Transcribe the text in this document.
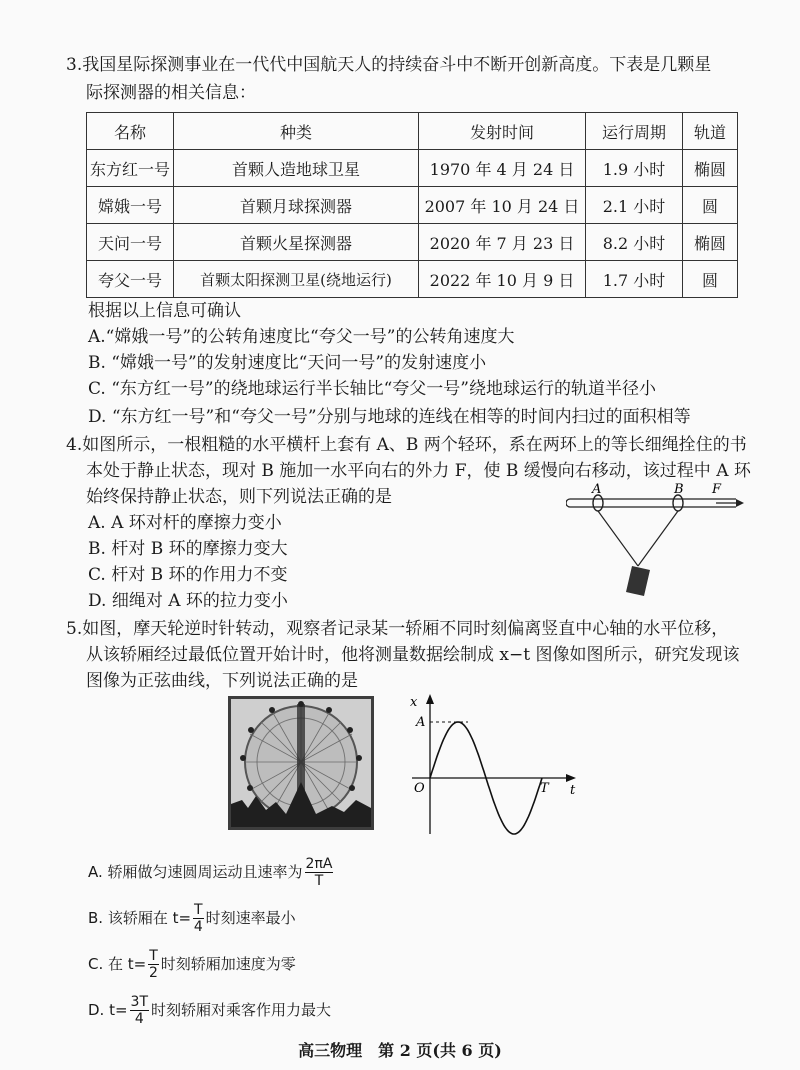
3.我国星际探测事业在一代代中国航天人的持续奋斗中不断开创新高度。下表是几颗星
际探测器的相关信息：
名称	种类	发射时间	运行周期	轨道
东方红一号	首颗人造地球卫星	1970 年 4 月 24 日	1.9 小时	椭圆
嫦娥一号	首颗月球探测器	2007 年 10 月 24 日	2.1 小时	圆
天问一号	首颗火星探测器	2020 年 7 月 23 日	8.2 小时	椭圆
夸父一号	首颗太阳探测卫星(绕地运行)	2022 年 10 月 9 日	1.7 小时	圆
根据以上信息可确认
A.“嫦娥一号”的公转角速度比“夸父一号”的公转角速度大
B. “嫦娥一号”的发射速度比“天问一号”的发射速度小
C. “东方红一号”的绕地球运行半长轴比“夸父一号”绕地球运行的轨道半径小
D. “东方红一号”和“夸父一号”分别与地球的连线在相等的时间内扫过的面积相等
4.如图所示，一根粗糙的水平横杆上套有 A、B 两个轻环，系在两环上的等长细绳拴住的书
本处于静止状态，现对 B 施加一水平向右的外力 F，使 B 缓慢向右移动，该过程中 A 环
始终保持静止状态，则下列说法正确的是
A. A 环对杆的摩擦力变小
B. 杆对 B 环的摩擦力变大
C. 杆对 B 环的作用力不变
D. 细绳对 A 环的拉力变小
A	B F
5.如图，摩天轮逆时针转动，观察者记录某一轿厢不同时刻偏离竖直中心轴的水平位移，
从该轿厢经过最低位置开始计时，他将测量数据绘制成 x−t 图像如图所示，研究发现该
图像为正弦曲线，下列说法正确的是
x
t
O
A
T
A. 轿厢做匀速圆周运动且速率为 $\frac{2\pi A}{T}$
B. 该轿厢在 $t= \frac{T}{4}$ 时刻速率最小
C. 在 $t= \frac{T}{2}$ 时刻轿厢加速度为零
D. $t= \frac{3T}{4}$ 时刻轿厢对乘客作用力最大
高三物理　第 2 页(共 6 页)
